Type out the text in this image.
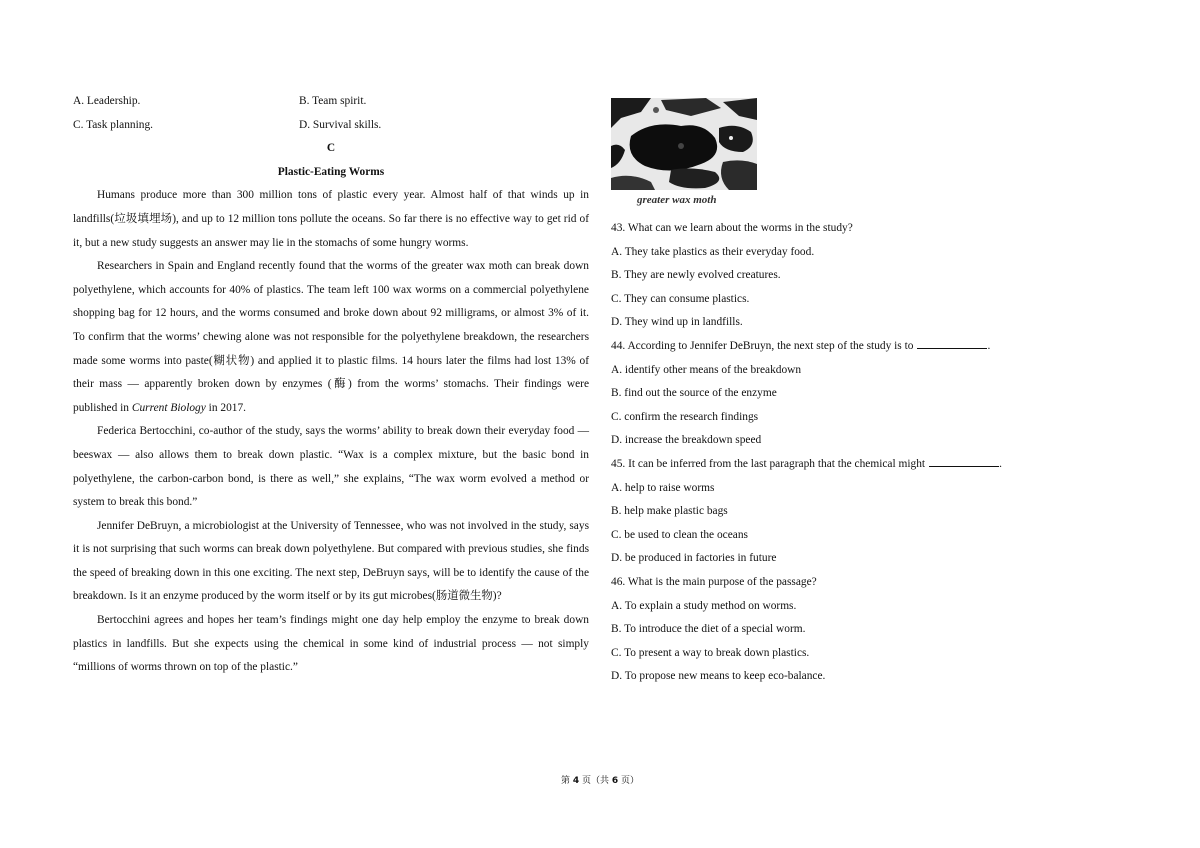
A. Leadership.	B. Team spirit.
C. Task planning.	D. Survival skills.
C
Plastic-Eating Worms

Humans produce more than 300 million tons of plastic every year. Almost half of that winds up in landfills(垃圾填埋场), and up to 12 million tons pollute the oceans. So far there is no effective way to get rid of it, but a new study suggests an answer may lie in the stomachs of some hungry worms.

Researchers in Spain and England recently found that the worms of the greater wax moth can break down polyethylene, which accounts for 40% of plastics. The team left 100 wax worms on a commercial polyethylene shopping bag for 12 hours, and the worms consumed and broke down about 92 milligrams, or almost 3% of it. To confirm that the worms’ chewing alone was not responsible for the polyethylene breakdown, the researchers made some worms into paste(糊状物) and applied it to plastic films. 14 hours later the films had lost 13% of their mass — apparently broken down by enzymes (酶) from the worms’ stomachs. Their findings were published in Current Biology in 2017.

Federica Bertocchini, co-author of the study, says the worms’ ability to break down their everyday food — beeswax — also allows them to break down plastic. “Wax is a complex mixture, but the basic bond in polyethylene, the carbon-carbon bond, is there as well,” she explains, “The wax worm evolved a method or system to break this bond.”

Jennifer DeBruyn, a microbiologist at the University of Tennessee, who was not involved in the study, says it is not surprising that such worms can break down polyethylene. But compared with previous studies, she finds the speed of breaking down in this one exciting. The next step, DeBruyn says, will be to identify the cause of the breakdown. Is it an enzyme produced by the worm itself or by its gut microbes(肠道微生物)?

Bertocchini agrees and hopes her team’s findings might one day help employ the enzyme to break down plastics in landfills. But she expects using the chemical in some kind of industrial process — not simply “millions of worms thrown on top of the plastic.”

greater wax moth

43. What can we learn about the worms in the study?

A. They take plastics as their everyday food.

B. They are newly evolved creatures.

C. They can consume plastics.

D. They wind up in landfills.

44. According to Jennifer DeBruyn, the next step of the study is to	.

A. identify other means of the breakdown

B. find out the source of the enzyme

C. confirm the research findings

D. increase the breakdown speed

45. It can be inferred from the last paragraph that the chemical might	.

A. help to raise worms

B. help make plastic bags

C. be used to clean the oceans

D. be produced in factories in future

46. What is the main purpose of the passage?

A. To explain a study method on worms.

B. To introduce the diet of a special worm.

C. To present a way to break down plastics.

D. To propose new means to keep eco-balance.

第 4 页（共 6 页）
